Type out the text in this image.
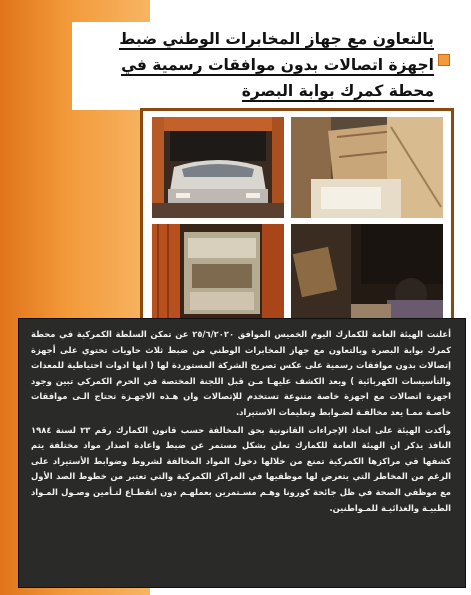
بالتعاون مع جهاز المخابرات الوطني ضبط اجهزة اتصالات بدون موافقات رسمية في محطة كمرك بوابة البصرة

أعلنت الهيئة العامة للكمارك اليوم الخميس الموافق ٢٥/٦/٢٠٢٠ عن تمكن السلطة الكمركية في محطة كمرك بوابة البصرة وبالتعاون مع جهاز المخابرات الوطني من ضبط ثلاث حاويات تحتوي على أجهزة إتصالات بدون موافقات رسمية على عكس تصريح الشركة المستوردة لها ( انها ادوات احتياطية للمعدات والتأسيسات الكهربائية ) وبعد الكشف عليهـا مـن قبل اللجنة المختصة في الحرم الكمركي تبين وجود اجهزة اتصالات مع اجهزة خاصة متنوعة تستخدم للإتصالات وان هـذه الاجهـزة تحتاج الـى موافقات خاصـة ممـا يعد مخالفـة لضـوابط وتعليمات الاستيراد.

وأكدت الهيئة على اتخاذ الإجراءات القانونية بحق المخالفة حسب قانون الكمارك رقم ٢٣ لسنة ١٩٨٤ النافذ يذكر ان الهيئة العامة للكمارك تعلن بشكل مستمر عن ضبط واعادة اصدار مواد مختلفة يتم كشفها في مراكزها الكمركية تمنع من خلالها دخول المواد المخالفة لشروط وضوابط الأستيراد على الرغم من المخاطر التي يتعرض لها موظفيها في المراكز الكمركية والتي تعتبر من خطوط الصد الأول مع موظفي الصحة في ظل جائحة كورونا وهـم مسـتمرين بعملهـم دون انقطـاع لتـأمين وصـول المـواد الطبيـة والغذائيـة للمـواطنين.
